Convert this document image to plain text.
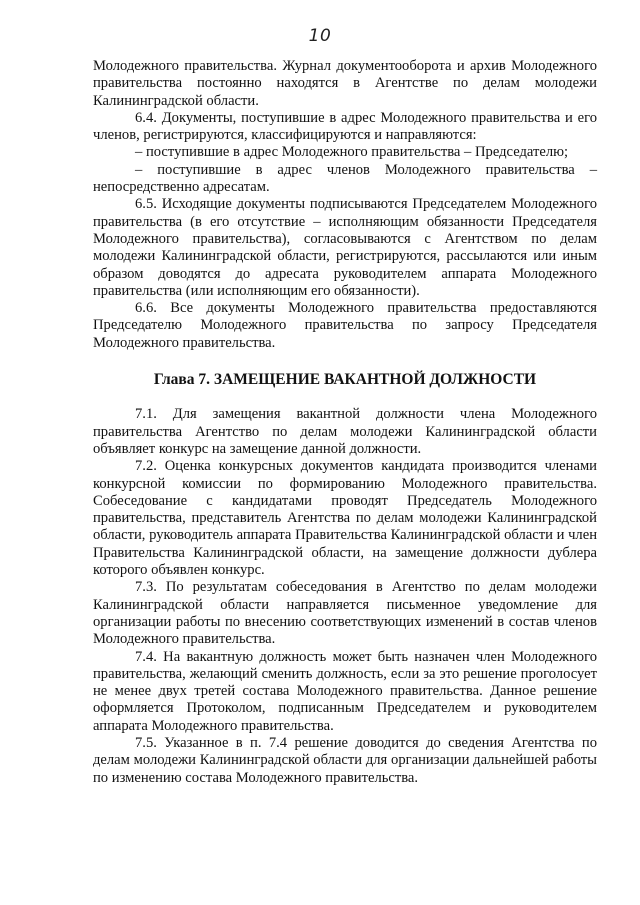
10

Молодежного правительства. Журнал документооборота и архив Молодежного правительства постоянно находятся в Агентстве по делам молодежи Калининградской области.

6.4. Документы, поступившие в адрес Молодежного правительства и его членов, регистрируются, классифицируются и направляются:

– поступившие в адрес Молодежного правительства – Председателю;

– поступившие в адрес членов Молодежного правительства – непосредственно адресатам.

6.5. Исходящие документы подписываются Председателем Молодежного правительства (в его отсутствие – исполняющим обязанности Председателя Молодежного правительства), согласовываются с Агентством по делам молодежи Калининградской области, регистрируются, рассылаются или иным образом доводятся до адресата руководителем аппарата Молодежного правительства (или исполняющим его обязанности).

6.6. Все документы Молодежного правительства предоставляются Председателю Молодежного правительства по запросу Председателя Молодежного правительства.

Глава 7. ЗАМЕЩЕНИЕ ВАКАНТНОЙ ДОЛЖНОСТИ

7.1. Для замещения вакантной должности члена Молодежного правительства Агентство по делам молодежи Калининградской области объявляет конкурс на замещение данной должности.

7.2. Оценка конкурсных документов кандидата производится членами конкурсной комиссии по формированию Молодежного правительства. Собеседование с кандидатами проводят Председатель Молодежного правительства, представитель Агентства по делам молодежи Калининградской области, руководитель аппарата Правительства Калининградской области и член Правительства Калининградской области, на замещение должности дублера которого объявлен конкурс.

7.3. По результатам собеседования в Агентство по делам молодежи Калининградской области направляется письменное уведомление для организации работы по внесению соответствующих изменений в состав членов Молодежного правительства.

7.4. На вакантную должность может быть назначен член Молодежного правительства, желающий сменить должность, если за это решение проголосует не менее двух третей состава Молодежного правительства. Данное решение оформляется Протоколом, подписанным Председателем и руководителем аппарата Молодежного правительства.

7.5. Указанное в п. 7.4 решение доводится до сведения Агентства по делам молодежи Калининградской области для организации дальнейшей работы по изменению состава Молодежного правительства.
